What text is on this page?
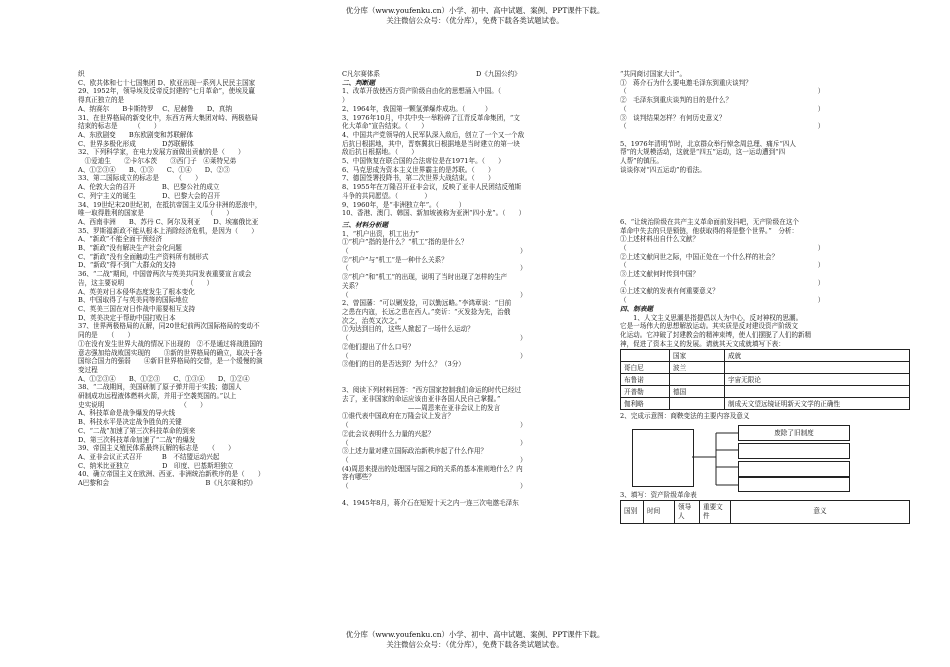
优分库（www.youfenku.cn）小学、初中、高中试题、案例、PPT课件下载。
关注微信公众号：（优分库），免费下载各类试题试卷。
织
C、欧共体和七十七国集团 D、欧亚出现一系列人民民主国家
29、1952年，领导埃及反帝反封建的“七月革命”，使埃及赢
得真正独立的是
A、纳赛尔　　B卡斯特罗　 C、尼赫鲁　　D、真纳
31、在世界格局的新变化中，东西方两大集团对峙、两极格局
结束的标志是　　　（　　）
A、东欧剧变　　B东欧剧变和苏联解体
C、世界多极化形成　　　　D苏联解体
32、下列科学家，在电力发展方面做出贡献的是（　　）
　①爱迪生　　②卡尔本茨　　③西门子　④莱特兄弟
A、①②③④　　B、①③　　C、①④　　D、②③
33、第二国际成立的标志是　　　（　　）
A、伦敦大会的召开　　　　B、巴黎公社的成立
C、列宁主义的诞生　　　　D、巴黎大会的召开
34、19世纪末20世纪初，在抵抗帝国主义瓜分非洲的恶浪中，
唯一取得胜利的国家是　　　　　　　　　　（　　）
A、西南非洲　　B、苏丹 C、阿尔及利亚　　D、埃塞俄比亚
35、罗斯福新政不能从根本上消除经济危机，是因为（　　）
A、“新政”不能全面干预经济
B、“新政”没有解决生产社会化问题
C、“新政”没有全面触动生产资料所有制形式
D、“新政”得不到广大群众的支持
36、“二战”期间，中国曾两次与英美共同发表重要宣言或会
告，这主要说明　　　　　　　　　　（　　）
A、英美对日本侵华态度发生了根本变化
B、中国取得了与英美同等的国际地位
C、英美三国在对日作战中需要相互支持
D、英美决定于帮助中国打败日本
37、世界两极格局的瓦解，同20世纪前两次国际格局的变动不
同的是　　（　　）
①在没有发生世界大战的情况下出现的　②不是通过将战胜国的
意志强加给战败国实现的　　③新的世界格局的确立，取决于各
国综合国力的强弱　　④新旧世界格局的交替，是一个缓慢的演
变过程
A、①②③④　　B、①②③　　C、①③④　　D、①②④
38、“二战期间，美国研制了原子弹并用于实践；德国人
研制成功远程液体燃料火箭，并用于空袭英国的。”以上
史实说明　　　　　　　　　　　　（　　）
A、科技革命是战争爆发的导火线
B、科技水平是决定战争胜负的关键
C、“二战”加速了第三次科技革命的到来
D、第三次科技革命加速了“二战”的爆发
39、帝国主义殖民体系最终瓦解的标志是　　（　　）
A、亚非会议正式召开　　　B　不结盟运动兴起
C、纳米比亚独立　　　　　D　印度、巴基斯坦独立
40、确立帝国主义在欧洲、西亚、非洲统治新秩序的是（　　）
A巴黎和会	B《凡尔赛和约》
C凡尔赛体系	D《九国公约》
二、判断题
1、改革开放使西方资产阶级自由化的思想涌入中国。（
）
2、1964年，我国第一颗氢弹爆炸成功。（　　　）
3、1976年10月，中共中央一举粉碎了江青反革命集团，“文
化大革命”宣告结束。（　　）
4、中国共产党领导的人民军队深入敌后，创立了一个又一个敌
后抗日根据地，其中，晋察冀抗日根据地是当时建立的第一块
敌后抗日根据地。（　　）
5、中国恢复在联合国的合法席位是在1971年。（　　）
6、马克思成为资本主义世界霸主的是苏联。（　　）
7、德国签署投降书，第二次世界大战结束。（　　）
8、1955年在万隆召开亚非会议，反映了亚非人民团结反殖斯
斗争的共同愿望。（　　　　）
9、1960年，是“非洲独立年”。（　　　）
10、香港、澳门、韩国、新加坡被称为亚洲“四小龙”。（　　）
三、材料分析题
1、“机户出资，机工出力”
①“机户”指的是什么？“机工”指的是什么？
（　　　　　　　　　　　　　　　　　　　　　　　　　　）
②“机户”与“机工”是一种什么关系？
（　　　　　　　　　　　　　　　　　　　　　　　　　　）
③“机户”和“机工”的出现，说明了当时出现了怎样的生产
关系？
（　　　　　　　　　　　　　　　　　　　　　　　　　　）
2、曾国藩：“可以剿发捻，可以勤远略。”李鸿章说：“目前
之患在内寇，长远之患在西人。”奕䜣：“灭发捻为先，治俄
次之，治英又次之。”
①为达到目的，这些人掀起了一场什么运动？
（　　　　　　　　　　　　　　　　　　　　　　　　　　）
②他们提出了什么口号？
（　　　　　　　　　　　　　　　　　　　　　　　　　　）
③他们的目的是否达到？为什么？（3分）
3、阅读下列材料回答：“西方国家控制我们命运的时代已经过
去了，亚非国家的命运应该由亚非各国人民自己掌握。”
　　　　　　　　　　——周恩来在亚非会议上的发言
①谁代表中国政府在万隆会议上发言？
（　　　　　　　　　　　　　　　　　　　　　　　　　　）
②此会议表明什么力量的兴起？
（　　　　　　　　　　　　　　　　　　　　　　　　　　）
③上述力量对建立国际政治新秩序起了什么作用？
（　　　　　　　　　　　　　　　　　　　　　　　　　　）
(4)周恩来提出的处理国与国之间的关系的基本准则地什么？内
容有哪些？
（　　　　　　　　　　　　　　　　　　　　　　　　　　）
4、1945年8月，蒋介石在短短十天之内一连三次电邀毛泽东
“共同商讨国家大计”。
①　蒋介石为什么要电邀毛泽东到重庆谈判？
（　　　　　　　　　　　　　　　　　　　　　　　　　　　　　）
②　毛泽东到重庆谈判的目的是什么？
（　　　　　　　　　　　　　　　　　　　　　　　　　　　　　）
③　谈判结果怎样？有何历史意义？
（　　　　　　　　　　　　　　　　　　　　　　　　　　　　　）
5、1976年清明节时，北京群众举行悼念周总理、痛斥“四人
帮”的大规模活动，这就是“四五”运动，这一运动遭到“四
人帮”的镇压。
谈谈你对“四五运动”的看法。
6、“让统治阶级在共产主义革命面前发抖吧，无产阶级在这个
革命中失去的只是锁链，他获取得的将是整个世界。”　分析：
①上述材料出自什么文献？
（　　　　　　　　　　　　　　　　　　　　　　　　　　　　　）
②上述文献问世之际，中国正处在一个什么样的社会？
（　　　　　　　　　　　　　　　　　　　　　　　　　　　　　）
③上述文献何时传到中国？
（　　　　　　　　　　　　　　　　　　　　　　　　　　　　　）
④上述文献的发表有何重要意义？
（　　　　　　　　　　　　　　　　　　　　　　　　　　　　　）
四、制表题
　　1、人文主义思潮是指提倡以人为中心，反对神权的思潮。
它是一场伟大的思想解放运动。其实质是反对建设资产阶级文
化运动。它冲破了封建教会的精神束缚，使人们摆脱了人们的新精
神，促进了资本主义的发展。请就其天文成就填写下表：
	国家	成就
哥白尼	波兰	
布鲁诺		宇宙无限论
开普勒	德国	
伽利略		制成天文望远镜证明新天文学的正确性
2、完成示意图：商鞅变法的主要内容及意义
废除了旧制度
3、填写：资产阶级革命表
国别	时间	领导人	重要文件	意义
优分库（www.youfenku.cn）小学、初中、高中试题、案例、PPT课件下载。
关注微信公众号：（优分库），免费下载各类试题试卷。
